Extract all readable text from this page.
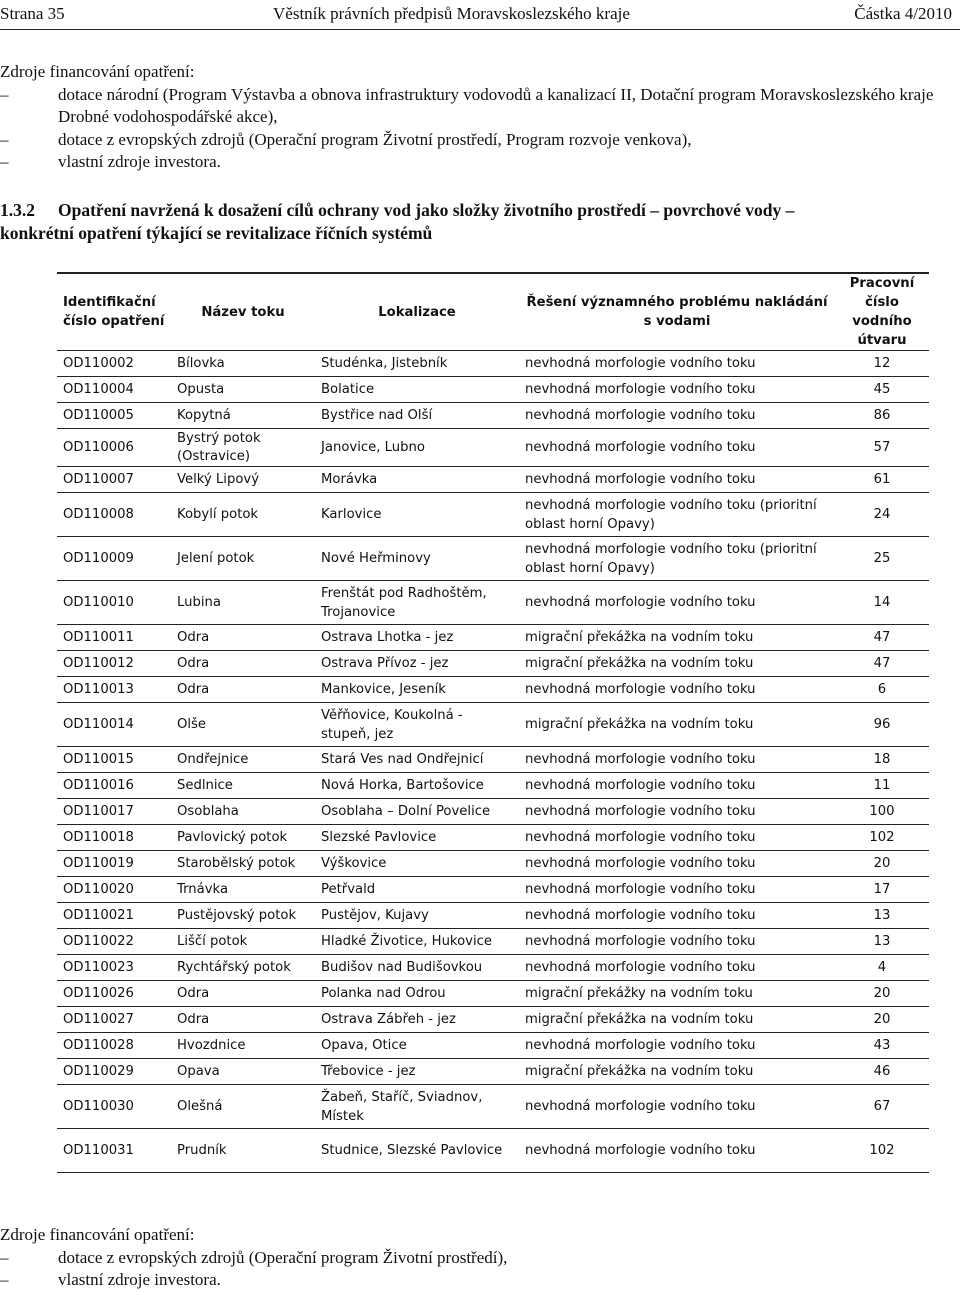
Strana 35	Věstník právních předpisů Moravskoslezského kraje	Částka 4/2010

Zdroje financování opatření:

–	dotace národní (Program Výstavba a obnova infrastruktury vodovodů a kanalizací II, Dotační program Moravskoslezského kraje Drobné vodohospodářské akce),
–	dotace z evropských zdrojů (Operační program Životní prostředí, Program rozvoje venkova),
–	vlastní zdroje investora.
1.3.2 Opatření navržená k dosažení cílů ochrany vod jako složky životního prostředí – povrchové vody –
konkrétní opatření týkající se revitalizace říčních systémů
Identifikační číslo opatření	Název toku	Lokalizace	Řešení významného problému nakládání s vodami	Pracovní číslo vodního útvaru
OD110002	Bílovka	Studénka, Jistebník	nevhodná morfologie vodního toku	12
OD110004	Opusta	Bolatice	nevhodná morfologie vodního toku	45
OD110005	Kopytná	Bystřice nad Olší	nevhodná morfologie vodního toku	86
OD110006	Bystrý potok (Ostravice)	Janovice, Lubno	nevhodná morfologie vodního toku	57
OD110007	Velký Lipový	Morávka	nevhodná morfologie vodního toku	61
OD110008	Kobylí potok	Karlovice	nevhodná morfologie vodního toku (prioritní oblast horní Opavy)	24
OD110009	Jelení potok	Nové Heřminovy	nevhodná morfologie vodního toku (prioritní oblast horní Opavy)	25
OD110010	Lubina	Frenštát pod Radhoštěm, Trojanovice	nevhodná morfologie vodního toku	14
OD110011	Odra	Ostrava Lhotka - jez	migrační překážka na vodním toku	47
OD110012	Odra	Ostrava Přívoz - jez	migrační překážka na vodním toku	47
OD110013	Odra	Mankovice, Jeseník	nevhodná morfologie vodního toku	6
OD110014	Olše	Věřňovice, Koukolná - stupeň, jez	migrační překážka na vodním toku	96
OD110015	Ondřejnice	Stará Ves nad Ondřejnicí	nevhodná morfologie vodního toku	18
OD110016	Sedlnice	Nová Horka, Bartošovice	nevhodná morfologie vodního toku	11
OD110017	Osoblaha	Osoblaha – Dolní Povelice	nevhodná morfologie vodního toku	100
OD110018	Pavlovický potok	Slezské Pavlovice	nevhodná morfologie vodního toku	102
OD110019	Starobělský potok	Výškovice	nevhodná morfologie vodního toku	20
OD110020	Trnávka	Petřvald	nevhodná morfologie vodního toku	17
OD110021	Pustějovský potok	Pustějov, Kujavy	nevhodná morfologie vodního toku	13
OD110022	Liščí potok	Hladké Životice, Hukovice	nevhodná morfologie vodního toku	13
OD110023	Rychtářský potok	Budišov nad Budišovkou	nevhodná morfologie vodního toku	4
OD110026	Odra	Polanka nad Odrou	migrační překážky na vodním toku	20
OD110027	Odra	Ostrava Zábřeh - jez	migrační překážka na vodním toku	20
OD110028	Hvozdnice	Opava, Otice	nevhodná morfologie vodního toku	43
OD110029	Opava	Třebovice - jez	migrační překážka na vodním toku	46
OD110030	Olešná	Žabeň, Staříč, Sviadnov, Místek	nevhodná morfologie vodního toku	67
OD110031	Prudník	Studnice, Slezské Pavlovice	nevhodná morfologie vodního toku	102

Zdroje financování opatření:

–	dotace z evropských zdrojů (Operační program Životní prostředí),
–	vlastní zdroje investora.
